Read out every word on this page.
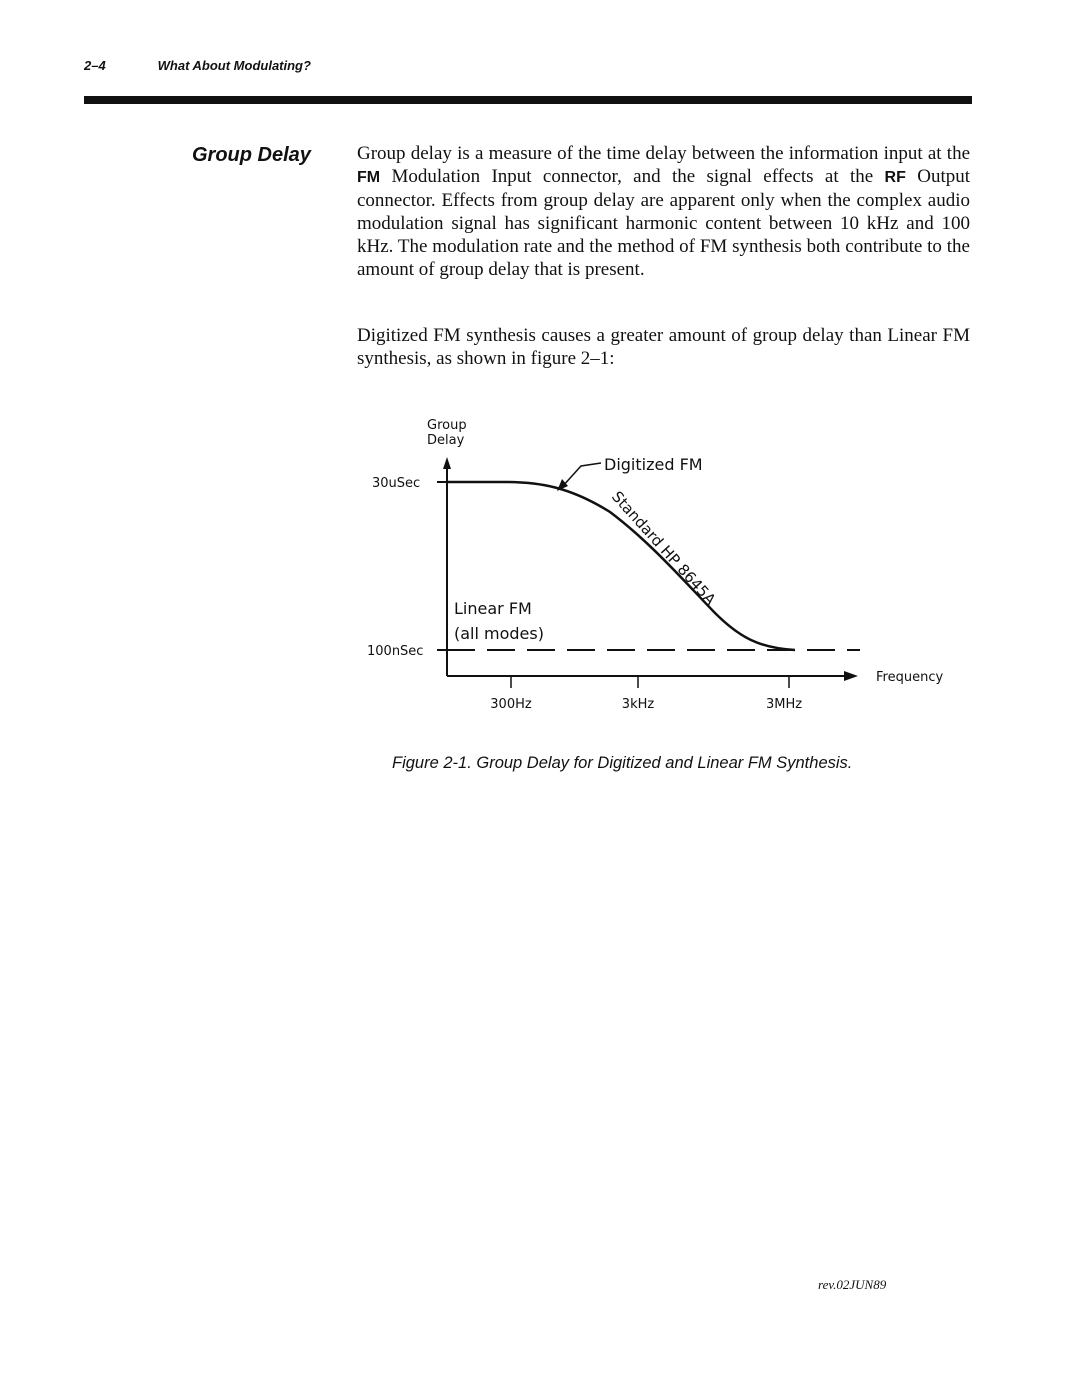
2–4	What About Modulating?
Group Delay Group delay is a measure of the time delay between the information input at the FM Modulation Input connector, and the signal effects at the RF Output connector. Effects from group delay are apparent only when the complex audio modulation signal has significant harmonic content between 10 kHz and 100 kHz. The modulation rate and the method of FM synthesis both contribute to the amount of group delay that is present.

Digitized FM synthesis causes a greater amount of group delay than Linear FM synthesis, as shown in figure 2–1:

Group
Delay
30uSec
100nSec
300Hz	3kHz	3MHz
Frequency
Digitized FM
Linear FM
(all modes)
Standard HP 8645A
Figure 2-1. Group Delay for Digitized and Linear FM Synthesis.
rev.02JUN89
